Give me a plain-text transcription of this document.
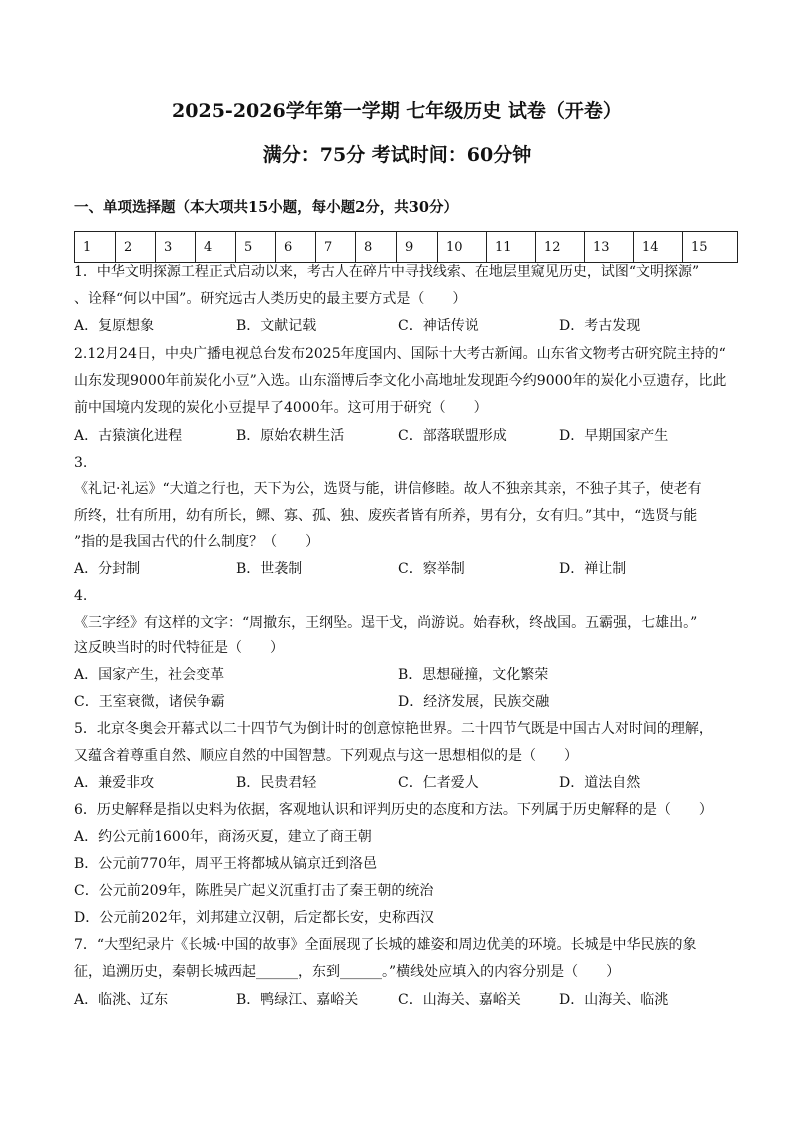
2025-2026学年第一学期 七年级历史 试卷（开卷）
满分：75分 考试时间：60分钟
一、单项选择题（本大项共15小题，每小题2分，共30分）
1	2	3	4	5	6	7	8	9	10	11	12	13	14	15
1．中华文明探源工程正式启动以来，考古人在碎片中寻找线索、在地层里窥见历史，试图“文明探源”
、诠释“何以中国”。研究远古人类历史的最主要方式是（　　）
A．复原想象	B．文献记载	C．神话传说	D．考古发现
2.12月24日，中央广播电视总台发布2025年度国内、国际十大考古新闻。山东省文物考古研究院主持的“
山东发现9000年前炭化小豆”入选。山东淄博后李文化小高地址发现距今约9000年的炭化小豆遗存，比此
前中国境内发现的炭化小豆提早了4000年。这可用于研究（　　）
A．古猿演化进程	B．原始农耕生活	C．部落联盟形成	D．早期国家产生
3.
《礼记·礼运》“大道之行也，天下为公，选贤与能，讲信修睦。故人不独亲其亲，不独子其子，使老有
所终，壮有所用，幼有所长，鳏、寡、孤、独、废疾者皆有所养，男有分，女有归。”其中，“选贤与能
”指的是我国古代的什么制度？（　　）
A．分封制	B．世袭制	C．察举制	D．禅让制
4.
《三字经》有这样的文字：“周撤东，王纲坠。逞干戈，尚游说。始春秋，终战国。五霸强，七雄出。”
这反映当时的时代特征是（　　）
A．国家产生，社会变革	B．思想碰撞，文化繁荣
C．王室衰微，诸侯争霸	D．经济发展，民族交融
5．北京冬奥会开幕式以二十四节气为倒计时的创意惊艳世界。二十四节气既是中国古人对时间的理解，
又蕴含着尊重自然、顺应自然的中国智慧。下列观点与这一思想相似的是（　　）
A．兼爱非攻	B．民贵君轻	C．仁者爱人	D．道法自然
6．历史解释是指以史料为依据，客观地认识和评判历史的态度和方法。下列属于历史解释的是（　　）
A．约公元前1600年，商汤灭夏，建立了商王朝
B．公元前770年，周平王将都城从镐京迁到洛邑
C．公元前209年，陈胜吴广起义沉重打击了秦王朝的统治
D．公元前202年，刘邦建立汉朝，后定都长安，史称西汉
7．“大型纪录片《长城·中国的故事》全面展现了长城的雄姿和周边优美的环境。长城是中华民族的象
征，追溯历史，秦朝长城西起______，东到______。”横线处应填入的内容分别是（　　）
A．临洮、辽东	B．鸭绿江、嘉峪关	C．山海关、嘉峪关	D．山海关、临洮
